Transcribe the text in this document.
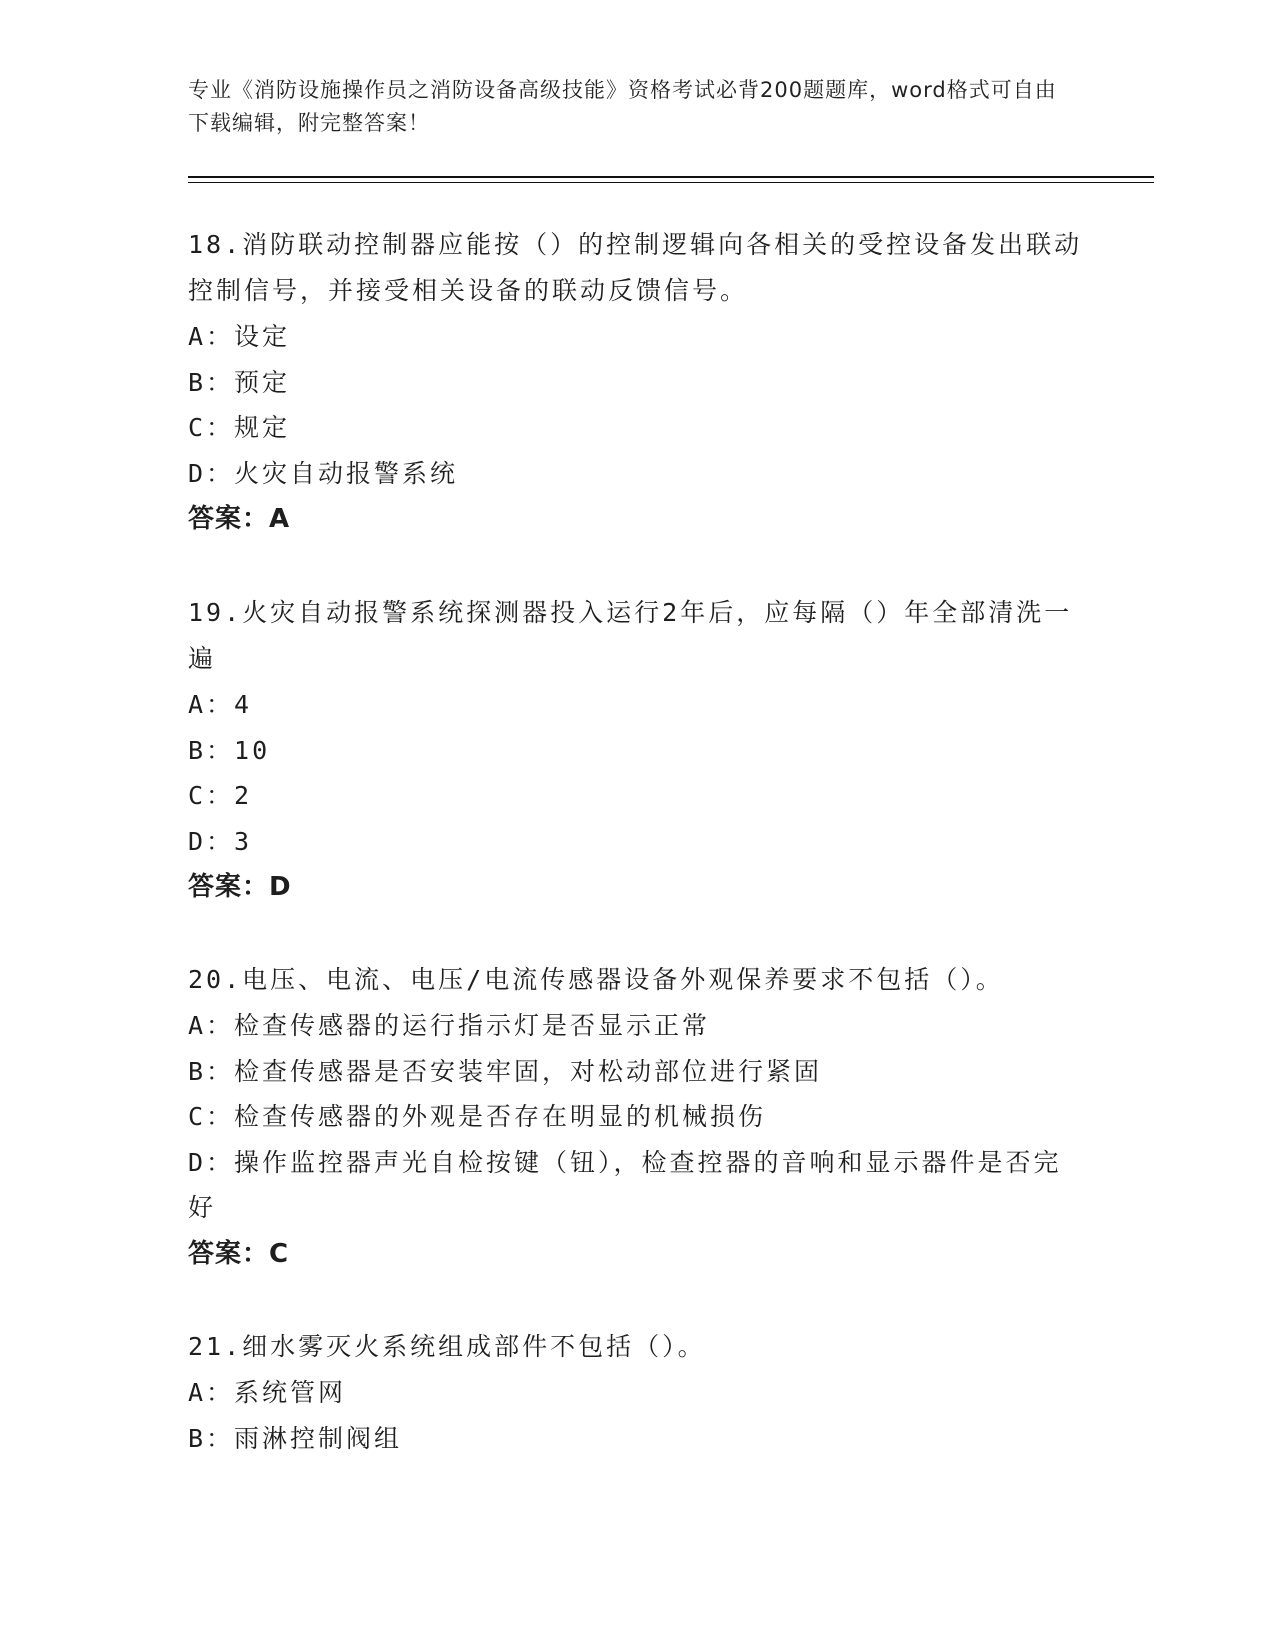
专业《消防设施操作员之消防设备高级技能》资格考试必背200题题库，word格式可自由下载编辑，附完整答案！
18.消防联动控制器应能按（）的控制逻辑向各相关的受控设备发出联动控制信号，并接受相关设备的联动反馈信号。
A：设定
B：预定
C：规定
D：火灾自动报警系统
答案：A
19.火灾自动报警系统探测器投入运行2年后，应每隔（）年全部清洗一遍
A：4
B：10
C：2
D：3
答案：D
20.电压、电流、电压/电流传感器设备外观保养要求不包括（）。
A：检查传感器的运行指示灯是否显示正常
B：检查传感器是否安装牢固，对松动部位进行紧固
C：检查传感器的外观是否存在明显的机械损伤
D：操作监控器声光自检按键（钮），检查控器的音响和显示器件是否完好
答案：C
21.细水雾灭火系统组成部件不包括（）。
A：系统管网
B：雨淋控制阀组
